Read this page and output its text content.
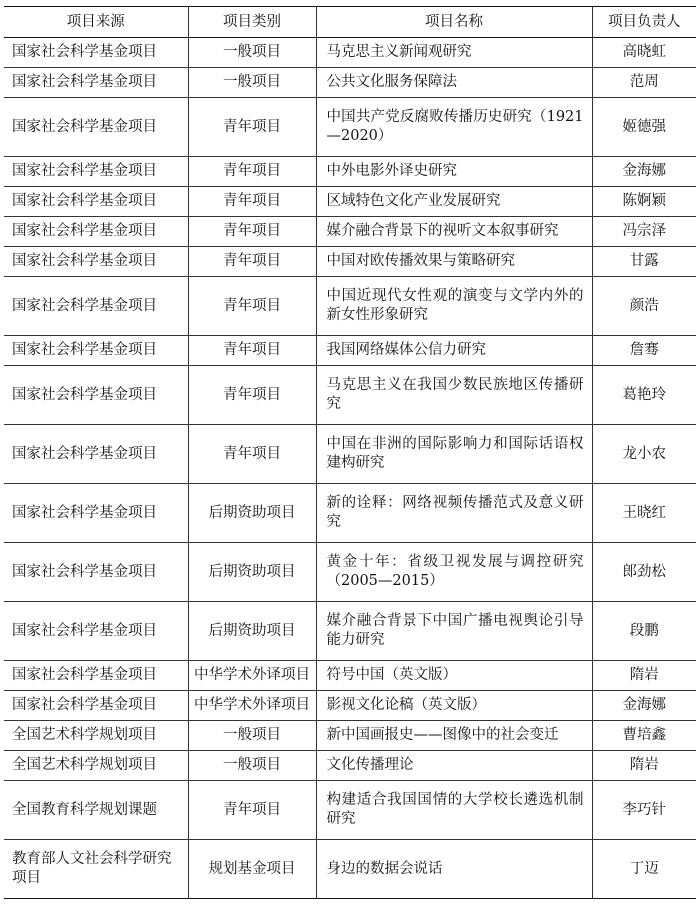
项目来源	项目类别	项目名称	项目负责人
国家社会科学基金项目	一般项目	马克思主义新闻观研究	高晓虹
国家社会科学基金项目	一般项目	公共文化服务保障法	范周
国家社会科学基金项目	青年项目	中国共产党反腐败传播历史研究（1921—2020）	姬德强
国家社会科学基金项目	青年项目	中外电影外译史研究	金海娜
国家社会科学基金项目	青年项目	区域特色文化产业发展研究	陈婀颖
国家社会科学基金项目	青年项目	媒介融合背景下的视听文本叙事研究	冯宗泽
国家社会科学基金项目	青年项目	中国对欧传播效果与策略研究	甘露
国家社会科学基金项目	青年项目	中国近现代女性观的演变与文学内外的新女性形象研究	颜浩
国家社会科学基金项目	青年项目	我国网络媒体公信力研究	詹骞
国家社会科学基金项目	青年项目	马克思主义在我国少数民族地区传播研究	葛艳玲
国家社会科学基金项目	青年项目	中国在非洲的国际影响力和国际话语权建构研究	龙小农
国家社会科学基金项目	后期资助项目	新的诠释：网络视频传播范式及意义研究	王晓红
国家社会科学基金项目	后期资助项目	黄金十年：省级卫视发展与调控研究（2005—2015）	郎劲松
国家社会科学基金项目	后期资助项目	媒介融合背景下中国广播电视舆论引导能力研究	段鹏
国家社会科学基金项目	中华学术外译项目	符号中国（英文版）	隋岩
国家社会科学基金项目	中华学术外译项目	影视文化论稿（英文版）	金海娜
全国艺术科学规划项目	一般项目	新中国画报史——图像中的社会变迁	曹培鑫
全国艺术科学规划项目	一般项目	文化传播理论	隋岩
全国教育科学规划课题	青年项目	构建适合我国国情的大学校长遴选机制研究	李巧针
教育部人文社会科学研究项目	规划基金项目	身边的数据会说话	丁迈
